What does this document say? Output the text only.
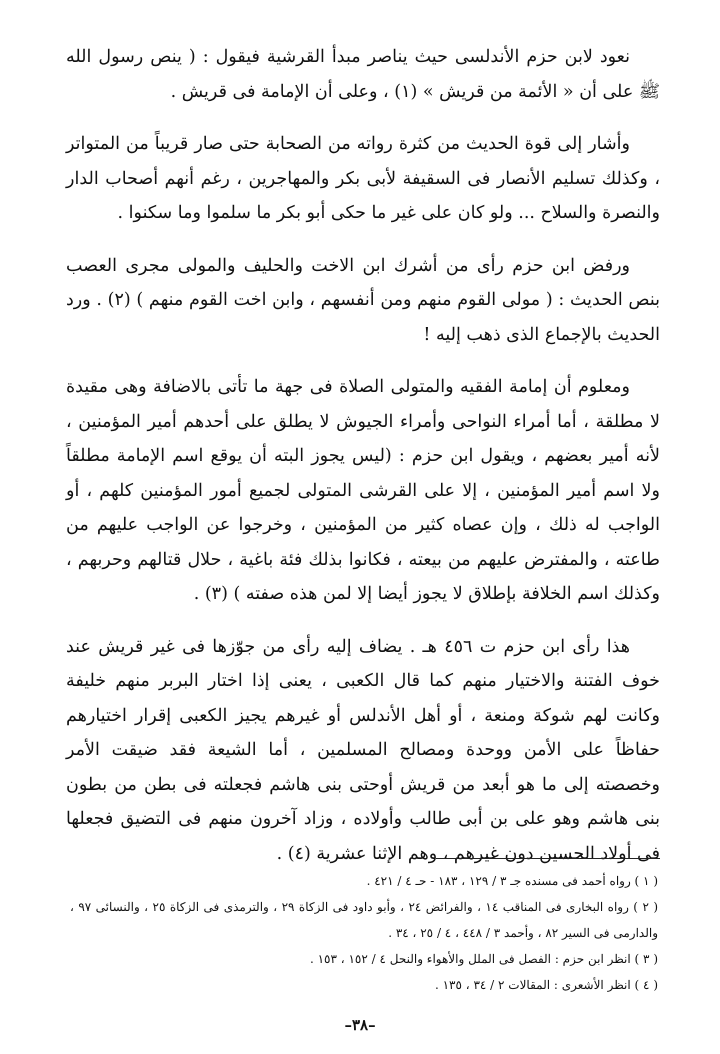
نعود لابن حزم الأندلسى حيث يناصر مبدأ القرشية فيقول : ( ينص رسول الله ﷺ على أن « الأئمة من قريش » (١) ، وعلى أن الإمامة فى قريش .

وأشار إلى قوة الحديث من كثرة رواته من الصحابة حتى صار قريباً من المتواتر ، وكذلك تسليم الأنصار فى السقيفة لأبى بكر والمهاجرين ، رغم أنهم أصحاب الدار والنصرة والسلاح ... ولو كان على غير ما حكى أبو بكر ما سلموا وما سكنوا .

ورفض ابن حزم رأى من أشرك ابن الاخت والحليف والمولى مجرى العصب بنص الحديث : ( مولى القوم منهم ومن أنفسهم ، وابن اخت القوم منهم ) (٢) . ورد الحديث بالإجماع الذى ذهب إليه !

ومعلوم أن إمامة الفقيه والمتولى الصلاة فى جهة ما تأتى بالاضافة وهى مقيدة لا مطلقة ، أما أمراء النواحى وأمراء الجيوش لا يطلق على أحدهم أمير المؤمنين ، لأنه أمير بعضهم ، ويقول ابن حزم : (ليس يجوز البته أن يوقع اسم الإمامة مطلقاً ولا اسم أمير المؤمنين ، إلا على القرشى المتولى لجميع أمور المؤمنين كلهم ، أو الواجب له ذلك ، وإن عصاه كثير من المؤمنين ، وخرجوا عن الواجب عليهم من طاعته ، والمفترض عليهم من بيعته ، فكانوا بذلك فئة باغية ، حلال قتالهم وحربهم ، وكذلك اسم الخلافة بإطلاق لا يجوز أيضا إلا لمن هذه صفته ) (٣) .

هذا رأى ابن حزم ت ٤٥٦ هـ . يضاف إليه رأى من جوّزها فى غير قريش عند خوف الفتنة والاختيار منهم كما قال الكعبى ، يعنى إذا اختار البربر منهم خليفة وكانت لهم شوكة ومنعة ، أو أهل الأندلس أو غيرهم يجيز الكعبى إقرار اختيارهم حفاظاً على الأمن ووحدة ومصالح المسلمين ، أما الشيعة فقد ضيقت الأمر وخصصته إلى ما هو أبعد من قريش أوحتى بنى هاشم فجعلته فى بطن من بطون بنى هاشم وهو على بن أبى طالب وأولاده ، وزاد آخرون منهم فى التضيق فجعلها فى أولاد الحسين دون غيرهم ، وهم الإثنا عشرية (٤) .

( ١ ) رواه أحمد فى مسنده جـ ٣ / ١٢٩ ، ١٨٣ - حـ ٤ / ٤٢١ .

( ٢ ) رواه البخارى فى المناقب ١٤ ، والفرائض ٢٤ ، وأبو داود فى الزكاة ٢٩ ، والترمذى فى الزكاة ٢٥ ، والنسائى ٩٧ ، والدارمى فى السير ٨٢ ، وأحمد ٣ / ٤٤٨ ، ٤ / ٢٥ ، ٣٤ .

( ٣ ) انظر ابن حزم : الفصل فى الملل والأهواء والنحل ٤ / ١٥٢ ، ١٥٣ .

( ٤ ) انظر الأشعرى : المقالات ٢ / ٣٤ ، ١٣٥ .

–٣٨–
